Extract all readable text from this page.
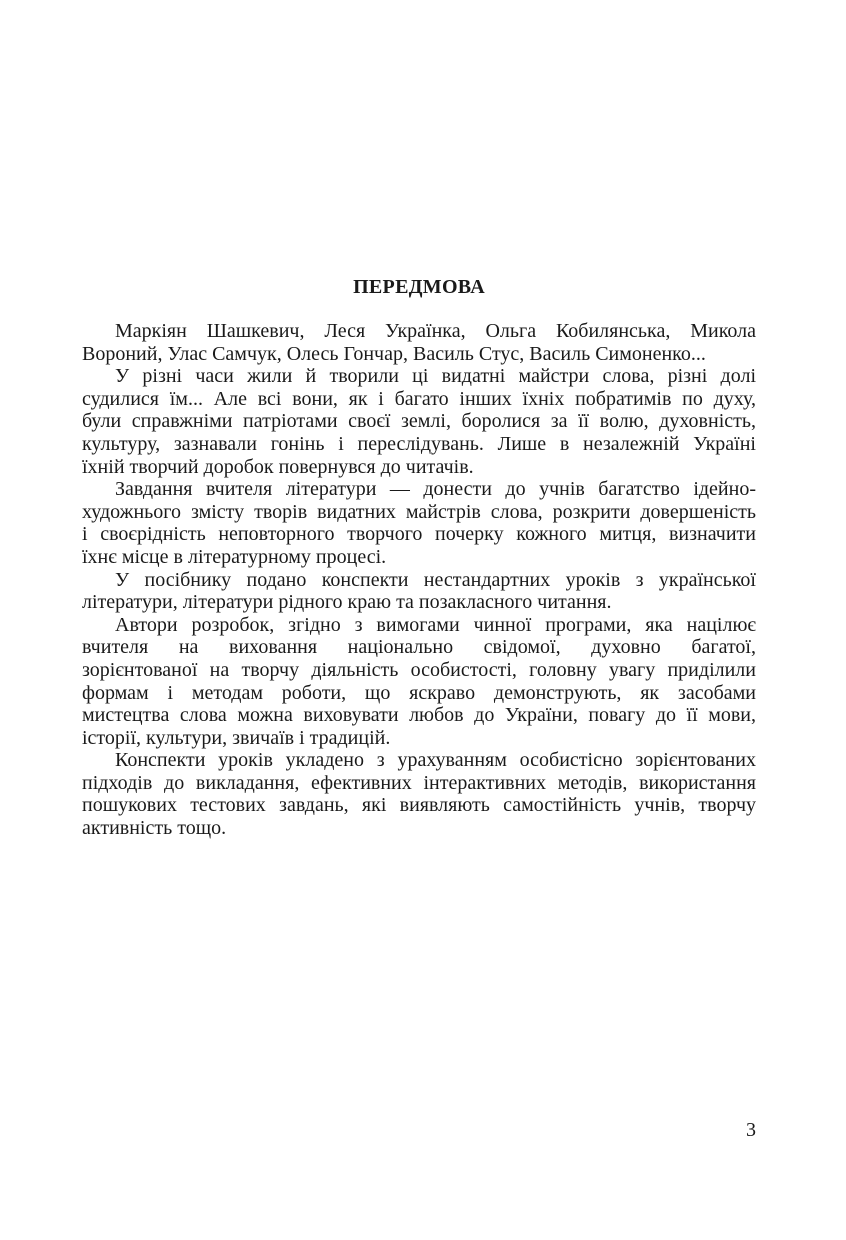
ПЕРЕДМОВА

Маркіян Шашкевич, Леся Українка, Ольга Кобилянська, Микола
Вороний, Улас Самчук, Олесь Гончар, Василь Стус, Василь Симоненко...

У різні часи жили й творили ці видатні майстри слова, різні долі
судилися їм... Але всі вони, як і багато інших їхніх побратимів по духу,
були справжніми патріотами своєї землі, боролися за її волю, духовність,
культуру, зазнавали гонінь і переслідувань. Лише в незалежній Україні
їхній творчий доробок повернувся до читачів.

Завдання вчителя літератури — донести до учнів багатство ідейно-
художнього змісту творів видатних майстрів слова, розкрити довершеність
і своєрідність неповторного творчого почерку кожного митця, визначити
їхнє місце в літературному процесі.

У посібнику подано конспекти нестандартних уроків з української
літератури, літератури рідного краю та позакласного читання.

Автори розробок, згідно з вимогами чинної програми, яка націлює
вчителя на виховання національно свідомої, духовно багатої,
зорієнтованої на творчу діяльність особистості, головну увагу приділили
формам і методам роботи, що яскраво демонструють, як засобами
мистецтва слова можна виховувати любов до України, повагу до її мови,
історії, культури, звичаїв і традицій.

Конспекти уроків укладено з урахуванням особистісно зорієнтованих
підходів до викладання, ефективних інтерактивних методів, використання
пошукових тестових завдань, які виявляють самостійність учнів, творчу
активність тощо.

3
